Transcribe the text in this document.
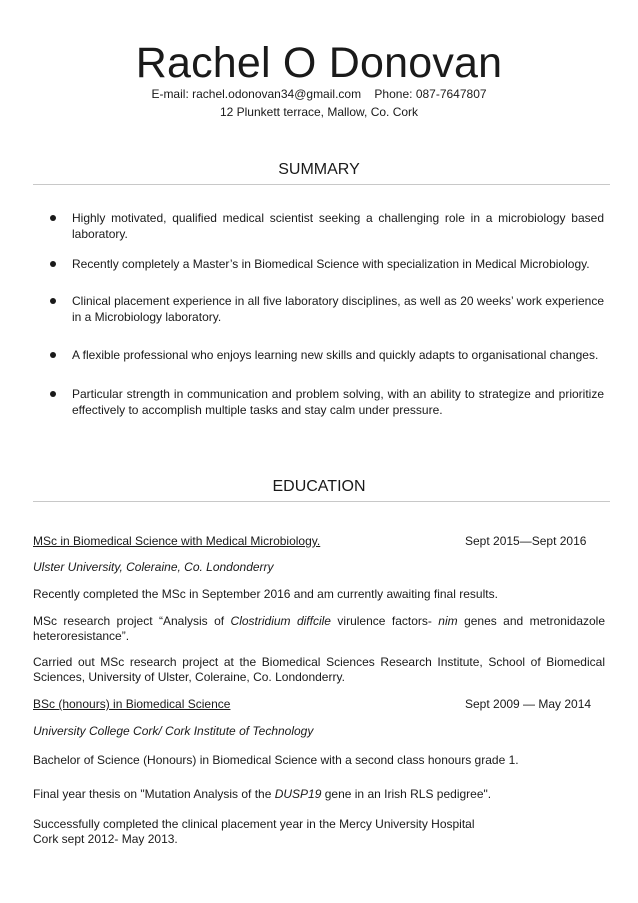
Rachel O Donovan
E-mail: rachel.odonovan34@gmail.com Phone: 087-7647807
12 Plunkett terrace, Mallow, Co. Cork
SUMMARY
Highly motivated, qualified medical scientist seeking a challenging role in a microbiology based laboratory.
Recently completely a Master’s in Biomedical Science with specialization in Medical Microbiology.
Clinical placement experience in all five laboratory disciplines, as well as 20 weeks’ work experience in a Microbiology laboratory.
A flexible professional who enjoys learning new skills and quickly adapts to organisational changes.
Particular strength in communication and problem solving, with an ability to strategize and prioritize effectively to accomplish multiple tasks and stay calm under pressure.
EDUCATION
MSc in Biomedical Science with Medical Microbiology.	Sept 2015—Sept 2016
Ulster University, Coleraine, Co. Londonderry
Recently completed the MSc in September 2016 and am currently awaiting final results.
MSc research project “Analysis of Clostridium diffcile virulence factors- nim genes and metronidazole heteroresistance”.
Carried out MSc research project at the Biomedical Sciences Research Institute, School of Biomedical Sciences, University of Ulster, Coleraine, Co. Londonderry.
BSc (honours) in Biomedical Science	Sept 2009 — May 2014
University College Cork/ Cork Institute of Technology
Bachelor of Science (Honours) in Biomedical Science with a second class honours grade 1.
Final year thesis on "Mutation Analysis of the DUSP19 gene in an Irish RLS pedigree".
Successfully completed the clinical placement year in the Mercy University Hospital
Cork sept 2012- May 2013.
